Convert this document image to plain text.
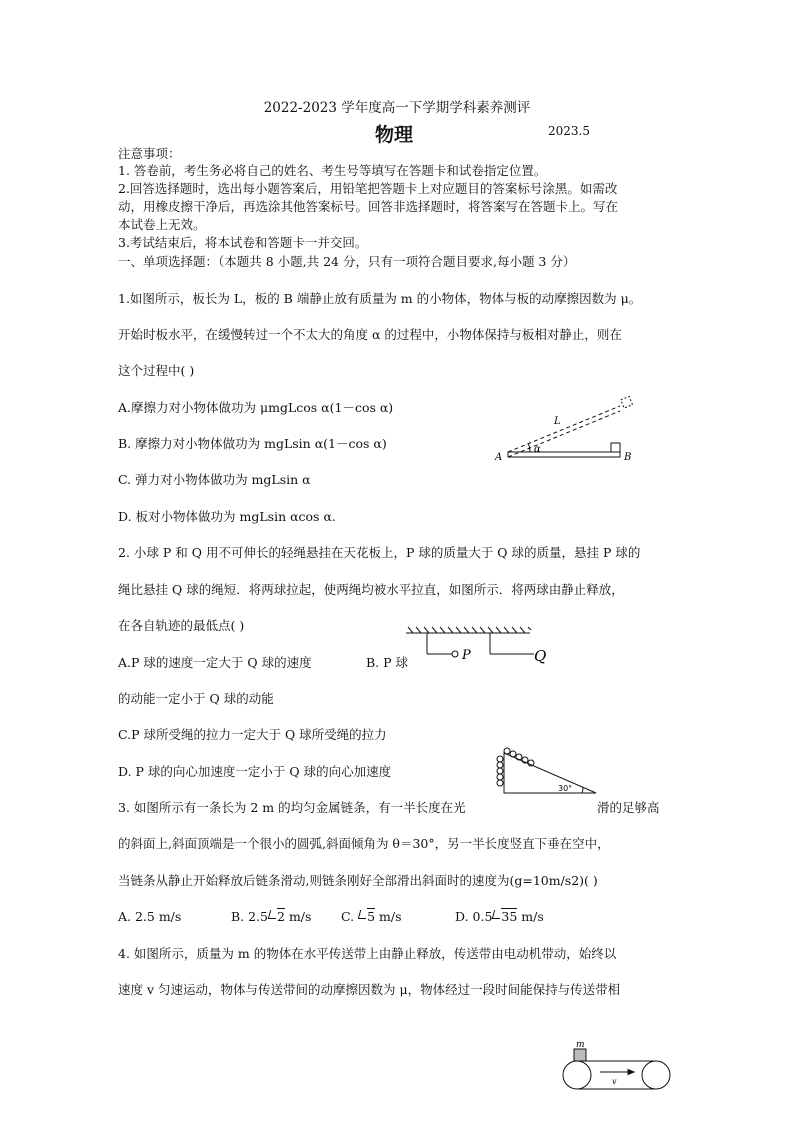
2022-2023 学年度高一下学期学科素养测评
物理	2023.5
注意事项：
1. 答卷前，考生务必将自己的姓名、考生号等填写在答题卡和试卷指定位置。
2.回答选择题时，选出每小题答案后，用铅笔把答题卡上对应题目的答案标号涂黑。如需改
动，用橡皮擦干净后，再选涂其他答案标号。回答非选择题时，将答案写在答题卡上。写在
本试卷上无效。
3.考试结束后，将本试卷和答题卡一并交回。
一、单项选择题：（本题共 8 小题,共 24 分，只有一项符合题目要求,每小题 3 分）
1.如图所示，板长为 L，板的 B 端静止放有质量为 m 的小物体，物体与板的动摩擦因数为 μ。
开始时板水平，在缓慢转过一个不太大的角度 α 的过程中，小物体保持与板相对静止，则在
这个过程中( )
A.摩擦力对小物体做功为 μmgLcos α(1－cos α)
B. 摩擦力对小物体做功为 mgLsin α(1－cos α)
C. 弹力对小物体做功为 mgLsin α
D. 板对小物体做功为 mgLsin αcos α.
L
α
A	B
2. 小球 P 和 Q 用不可伸长的轻绳悬挂在天花板上，P 球的质量大于 Q 球的质量，悬挂 P 球的
绳比悬挂 Q 球的绳短．将两球拉起，使两绳均被水平拉直，如图所示．将两球由静止释放，
在各自轨迹的最低点( )
A.P 球的速度一定大于 Q 球的速度	B. P 球
的动能一定小于 Q 球的动能
C.P 球所受绳的拉力一定大于 Q 球所受绳的拉力
D. P 球的向心加速度一定小于 Q 球的向心加速度
P	Q
3. 如图所示有一条长为 2 m 的均匀金属链条，有一半长度在光	滑的足够高
的斜面上,斜面顶端是一个很小的圆弧,斜面倾角为 θ＝30°，另一半长度竖直下垂在空中，
当链条从静止开始释放后链条滑动,则链条刚好全部滑出斜面时的速度为(g=10m/s2)( )
A. 2.5 m/s	B. 2.5 2 m/s C. 5 m/s	D. 0.5 35 m/s
30°
4. 如图所示，质量为 m 的物体在水平传送带上由静止释放，传送带由电动机带动，始终以
速度 v 匀速运动，物体与传送带间的动摩擦因数为 μ，物体经过一段时间能保持与传送带相
m
v
